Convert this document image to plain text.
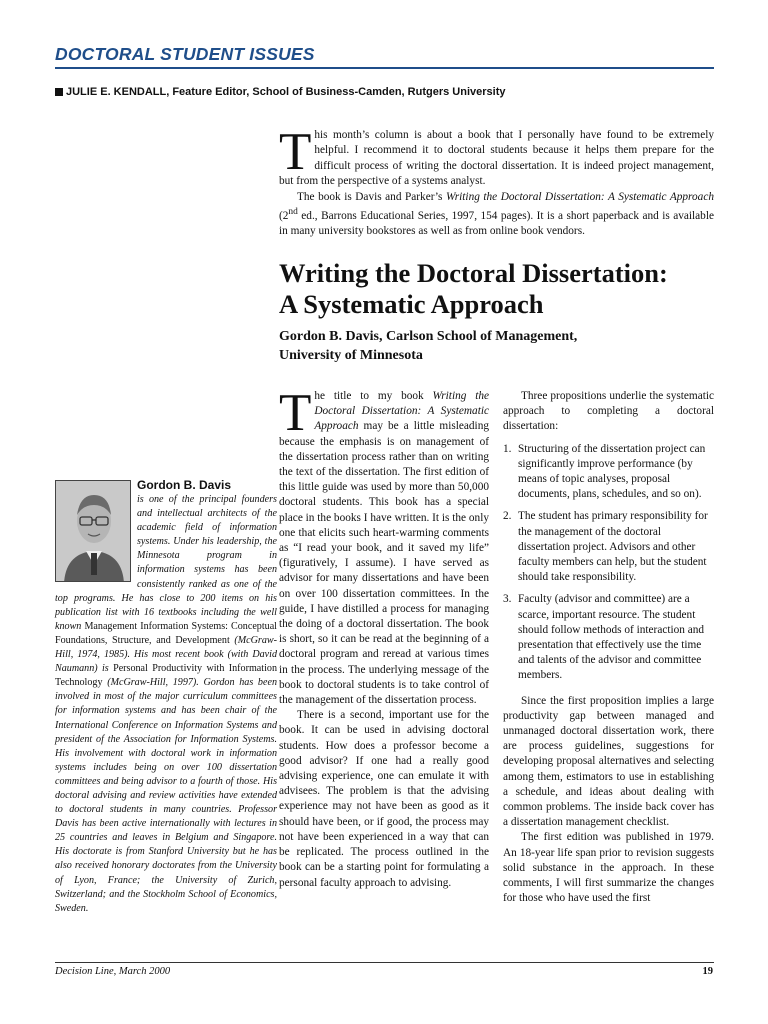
DOCTORAL STUDENT ISSUES
JULIE E. KENDALL, Feature Editor, School of Business-Camden, Rutgers University

This month’s column is about a book that I personally have found to be extremely helpful. I recommend it to doctoral students because it helps them prepare for the difficult process of writing the doctoral dissertation. It is indeed project management, but from the perspective of a systems analyst.

The book is Davis and Parker’s Writing the Doctoral Dissertation: A Systematic Approach (2nd ed., Barrons Educational Series, 1997, 154 pages). It is a short paperback and is available in many university bookstores as well as from online book vendors.

Writing the Doctoral Dissertation:
A Systematic Approach
Gordon B. Davis, Carlson School of Management,
University of Minnesota

The title to my book Writing the Doctoral Dissertation: A Systematic Approach may be a little misleading because the emphasis is on management of the dissertation process rather than on writing the text of the dissertation. The first edition of this little guide was used by more than 50,000 doctoral students. This book has a special place in the books I have written. It is the only one that elicits such heart-warming comments as “I read your book, and it saved my life” (figuratively, I assume). I have served as advisor for many dissertations and have been on over 100 dissertation committees. In the guide, I have distilled a process for managing the doing of a doctoral dissertation. The book is short, so it can be read at the beginning of a doctoral program and reread at various times in the process. The underlying message of the book to doctoral students is to take control of the management of the dissertation process.

There is a second, important use for the book. It can be used in advising doctoral students. How does a professor become a good advisor? If one had a really good advising experience, one can emulate it with advisees. The problem is that the advising experience may not have been as good as it should have been, or if good, the process may not have been experienced in a way that can be replicated. The process outlined in the book can be a starting point for formulating a personal faculty approach to advising.

Three propositions underlie the systematic approach to completing a doctoral dissertation:

1. Structuring of the dissertation project can significantly improve performance (by means of topic analyses, proposal documents, plans, schedules, and so on).
2. The student has primary responsibility for the management of the doctoral dissertation project. Advisors and other faculty members can help, but the student should take responsibility.
3. Faculty (advisor and committee) are a scarce, important resource. The student should follow methods of interaction and presentation that effectively use the time and talents of the advisor and committee members.

Since the first proposition implies a large productivity gap between managed and unmanaged doctoral dissertation work, there are process guidelines, suggestions for developing proposal alternatives and selecting among them, estimators to use in establishing a schedule, and ideas about dealing with common problems. The inside back cover has a dissertation management checklist.

The first edition was published in 1979. An 18-year life span prior to revision suggests solid substance in the approach. In these comments, I will first summarize the changes for those who have used the first

Gordon B. Davis

is one of the principal founders and intellectual architects of the academic field of information systems. Under his leadership, the Minnesota program in information systems has been consistently ranked as one of the top programs. He has close to 200 items on his publication list with 16 textbooks including the well known Management Information Systems: Conceptual Foundations, Structure, and Development (McGraw-Hill, 1974, 1985). His most recent book (with David Naumann) is Personal Productivity with Information Technology (McGraw-Hill, 1997). Gordon has been involved in most of the major curriculum committees for information systems and has been chair of the International Conference on Information Systems and president of the Association for Information Systems. His involvement with doctoral work in information systems includes being on over 100 dissertation committees and being advisor to a fourth of those. His doctoral advising and review activities have extended to doctoral students in many countries. Professor Davis has been active internationally with lectures in 25 countries and leaves in Belgium and Singapore. His doctorate is from Stanford University but he has also received honorary doctorates from the University of Lyon, France; the University of Zurich, Switzerland; and the Stockholm School of Economics, Sweden.

Decision Line, March 2000	19
